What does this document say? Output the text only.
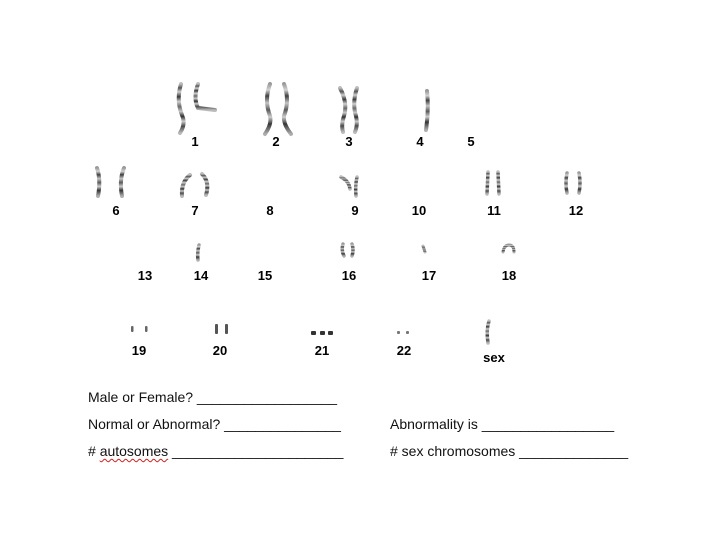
1	2	3	4	5
6	7	8	9	10	11	12
13	14	15	16	17	18
19	20	21	22	sex
Male or Female? __________________
Normal or Abnormal? _______________	Abnormality is _________________
# autosomes ______________________	# sex chromosomes ______________
